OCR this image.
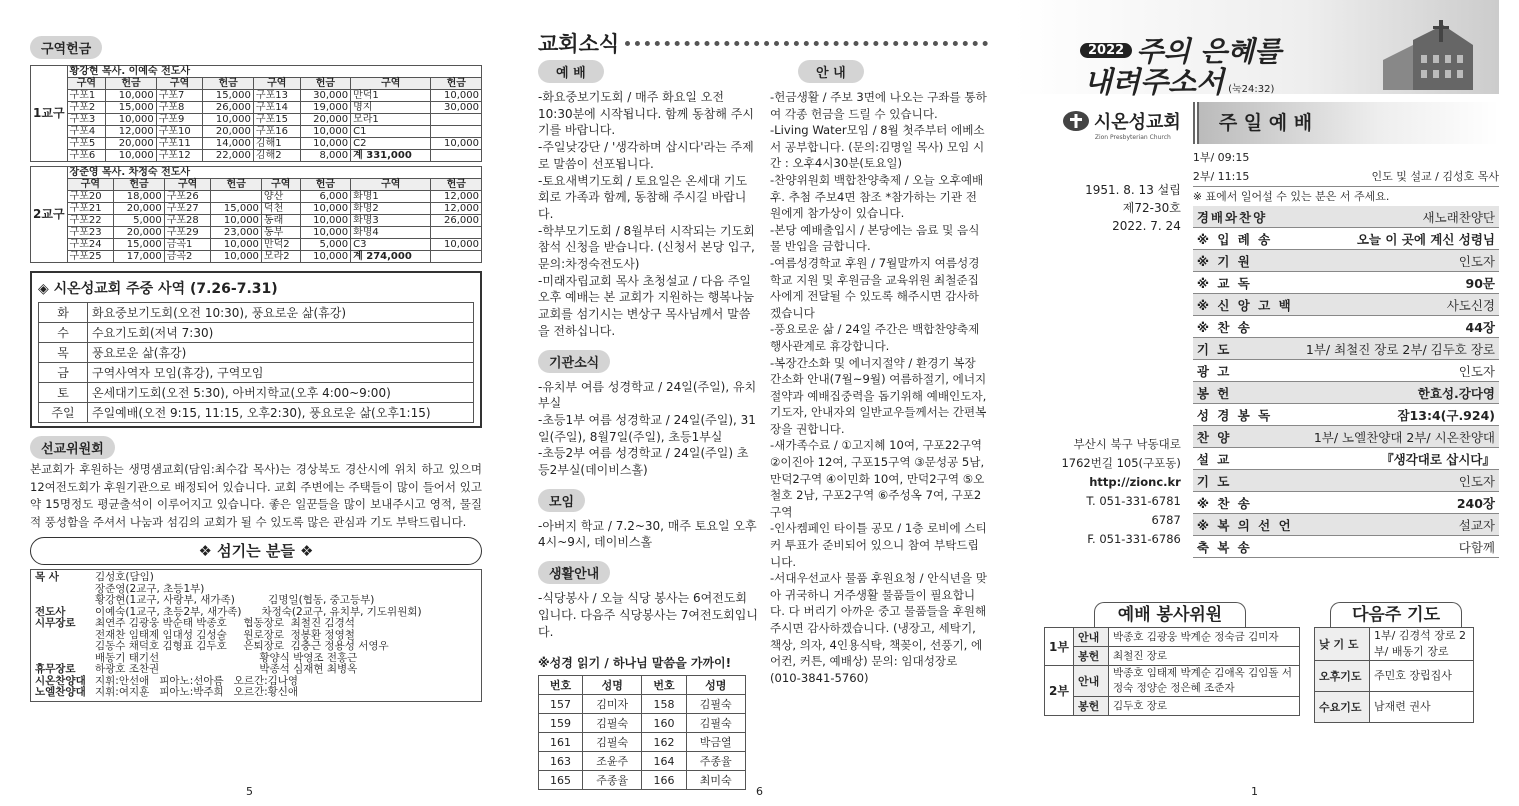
구역헌금
1교구	황강현 목사. 이예숙 전도사							
	구역	헌금	구역	헌금	구역	헌금	구역	헌금
	구포1	10,000	구포7	15,000	구포13	30,000	만덕1	10,000
	구포2	15,000	구포8	26,000	구포14	19,000	명지	30,000
	구포3	10,000	구포9	10,000	구포15	20,000	모라1	
	구포4	12,000	구포10	20,000	구포16	10,000	C1	
	구포5	20,000	구포11	14,000	김해1	10,000	C2	10,000
	구포6	10,000	구포12	22,000	김해2	8,000	계 331,000	
2교구	장준영 목사. 차정숙 전도사							
	구역	헌금	구역	헌금	구역	헌금	구역	헌금
	구포20	18,000	구포26		양산	6,000	화명1	12,000
	구포21	20,000	구포27	15,000	덕천	10,000	화명2	12,000
	구포22	5,000	구포28	10,000	동래	10,000	화명3	26,000
	구포23	20,000	구포29	23,000	동부	10,000	화명4	
	구포24	15,000	금곡1	10,000	만덕2	5,000	C3	10,000
	구포25	17,000	금곡2	10,000	모라2	10,000	계 274,000	
◈ 시온성교회 주중 사역 (7.26-7.31)
화	화요중보기도회(오전 10:30), 풍요로운 삶(휴강)
수	수요기도회(저녁 7:30)
목	풍요로운 삶(휴강)
금	구역사역자 모임(휴강), 구역모임
토	온세대기도회(오전 5:30), 아버지학교(오후 4:00~9:00)
주일	주일예배(오전 9:15, 11:15, 오후2:30), 풍요로운 삶(오후1:15)
선교위원회
본교회가 후원하는 생명샘교회(담임:최수갑 목사)는 경상북도 경산시에 위치 하고 있으며 12여전도회가 후원기관으로 배정되어 있습니다. 교회 주변에는 주택들이 많이 들어서 있고 약 15명정도 평균출석이 이루어지고 있습니다. 좋은 일꾼들을 많이 보내주시고 영적, 물질적 풍성함을 주셔서 나눔과 섬김의 교회가 될 수 있도록 많은 관심과 기도 부탁드립니다.
❖ 섬기는 분들 ❖
목 사	김성호(담임)
장준영(2교구, 초등1부)
황강현(1교구, 사랑부, 새가족)          김명일(협동, 중고등부)
전도사	이예숙(1교구, 초등2부, 새가족)      차정숙(2교구, 유치부, 기도위원회)
시무장로	최연주 김광웅 박순태 박종호     협동장로  최철진 김경석
전재찬 임태제 임대성 김성술     원로장로  정봉환 정영철
김동수 채덕호 김형표 김두호     은퇴장로  김충근 정용성 서영우
배동기 태기선                              황양식 박영조 전홍근
휴무장로	하광호 조찬권                              박종석 심재현 최병옥
시온찬양대 지휘:안선애   피아노:선아름   오르간:김나영
노엘찬양대 지휘:여지훈   피아노:박주희   오르간:황신애
5
교회소식
예 배

-화요중보기도회 / 매주 화요일 오전 10:30분에 시작됩니다. 함께 동참해 주시기를 바랍니다.

-주일낮강단 / '생각하며 삽시다'라는 주제로 말씀이 선포됩니다.

-토요새벽기도회 / 토요일은 온세대 기도회로 가족과 함께, 동참해 주시길 바랍니다.

-학부모기도회 / 8월부터 시작되는 기도회 참석 신청을 받습니다. (신청서 본당 입구, 문의:차정숙전도사)

-미래자립교회 목사 초청설교 / 다음 주일 오후 예배는 본 교회가 지원하는 행복나눔교회를 섬기시는 변상구 목사님께서 말씀을 전하십니다.

기관소식

-유치부 여름 성경학교 / 24일(주일), 유치부실

-초등1부 여름 성경학교 / 24일(주일), 31일(주일), 8월7일(주일), 초등1부실

-초등2부 여름 성경학교 / 24일(주일) 초등2부실(데이비스홀)

모임

-아버지 학교 / 7.2~30, 매주 토요일 오후 4시~9시, 데이비스홀

생활안내

-식당봉사 / 오늘 식당 봉사는 6여전도회입니다. 다음주 식당봉사는 7여전도회입니다.

※성경 읽기 / 하나님 말씀을 가까이!
번호	성명	번호	성명
157	김미자	158	김필숙
159	김필숙	160	김필숙
161	김필숙	162	박금열
163	조윤주	164	주종율
165	주종율	166	최미숙
안 내

-헌금생활 / 주보 3면에 나오는 구좌를 통하여 각종 헌금을 드릴 수 있습니다.

-Living Water모임 / 8월 첫주부터 에베소서 공부합니다. (문의:김명일 목사) 모임 시간 : 오후4시30분(토요일)

-찬양위원회 백합찬양축제 / 오늘 오후예배 후. 추첨 주보4면 참조 *참가하는 기관 전원에게 참가상이 있습니다.

-본당 예배출입시 / 본당에는 음료 및 음식물 반입을 금합니다.

-여름성경학교 후원 / 7월말까지 여름성경학교 지원 및 후원금을 교육위원 최철준집사에게 전달될 수 있도록 해주시면 감사하겠습니다

-풍요로운 삶 / 24일 주간은 백합찬양축제 행사관계로 휴강합니다.

-복장간소화 및 에너지절약 / 환경기 복장 간소화 안내(7월~9월) 여름하절기, 에너지절약과 예배집중력을 돕기위해 예배인도자, 기도자, 안내자외 일반교우들께서는 간편복장을 권합니다.

-새가족수료 / ①고지혜 10여, 구포22구역 ②이진아 12여, 구포15구역 ③문성공 5남, 만덕2구역 ④이민화 10여, 만덕2구역 ⑤오철호 2남, 구포2구역 ⑥주성옥 7여, 구포2구역

-인사켐페인 타이틀 공모 / 1층 로비에 스티커 투표가 준비되어 있으니 참여 부탁드립니다.

-서대우선교사 물품 후원요청 / 안식년을 맞아 귀국하니 거주생활 물품들이 필요합니다. 다 버리기 아까운 중고 물품들을 후원해 주시면 감사하겠습니다. (냉장고, 세탁기, 책상, 의자, 4인용식탁, 책꽂이, 선풍기, 에어컨, 커튼, 예배상) 문의: 임대성장로(010-3841-5760)

6
2022 주의 은혜를
내려주소서 (눅24:32)
시온성교회
Zion Presbyterian Church
1951. 8. 13 설립
제72-30호
2022. 7. 24
부산시 북구 낙동대로
1762번길 105(구포동)
http://zionc.kr
T. 051-331-6781
6787
F. 051-331-6786
주 일 예 배
1부/ 09:15
2부/ 11:15	인도 및 설교 / 김성호 목사
※ 표에서 일어설 수 있는 분은 서 주세요.
경배와찬양	새노래찬양단
※ 입 례 송	오늘 이 곳에 계신 성령님
※ 기 원	인도자
※ 교 독	90문
※ 신 앙 고 백	사도신경
※ 찬 송	44장
기 도	1부/ 최철진 장로 2부/ 김두호 장로
광 고	인도자
봉 헌	한효성.강다영
성 경 봉 독	잠13:4(구.924)
찬 양	1부/ 노엘찬양대 2부/ 시온찬양대
설 교	『생각대로 삽시다』
기 도	인도자
※ 찬 송	240장
※ 복 의 선 언	설교자
축 복 송	다함께
예배 봉사위원
1부	안내	박종호 김광웅 박계순 정숙금 김미자
	봉헌	최철진 장로
2부	안내	박종호 임태제 박계순 김애옥 김임돌 서정숙 정양순 정은혜 조준자
	봉헌	김두호 장로
다음주 기도
낮 기 도	1부/ 김경석 장로 2부/ 배동기 장로
오후기도	주민호 장립집사
수요기도	남재련 권사
1
